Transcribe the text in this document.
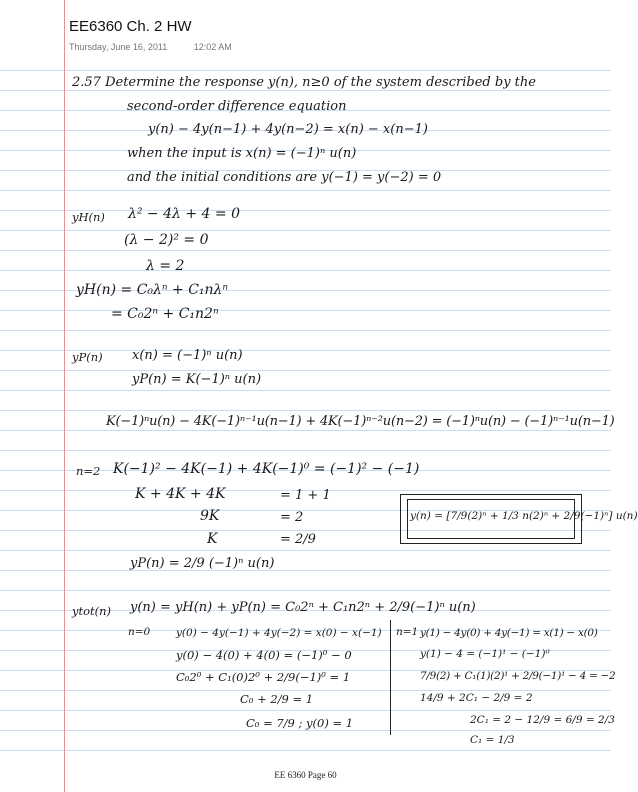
EE6360 Ch. 2 HW
Thursday, June 16, 2011	12:02 AM
2.57 Determine the response y(n), n≥0 of the system described by the
second-order difference equation
y(n) − 4y(n−1) + 4y(n−2) = x(n) − x(n−1)
when the input is x(n) = (−1)ⁿ u(n)
and the initial conditions are y(−1) = y(−2) = 0
yH(n) λ² − 4λ + 4 = 0
(λ − 2)² = 0
λ = 2
yH(n) = C₀λⁿ + C₁nλⁿ
= C₀2ⁿ + C₁n2ⁿ
yP(n) x(n) = (−1)ⁿ u(n)
yP(n) = K(−1)ⁿ u(n)
K(−1)ⁿu(n) − 4K(−1)ⁿ⁻¹u(n−1) + 4K(−1)ⁿ⁻²u(n−2) = (−1)ⁿu(n) − (−1)ⁿ⁻¹u(n−1)
n=2 K(−1)² − 4K(−1) + 4K(−1)⁰ = (−1)² − (−1)
K + 4K + 4K	= 1 + 1
9K	= 2
K	= 2/9
yP(n) = 2/9 (−1)ⁿ u(n)
y(n) = [7/9(2)ⁿ + 1/3 n(2)ⁿ + 2/9(−1)ⁿ] u(n)
ytot(n) y(n) = yH(n) + yP(n) = C₀2ⁿ + C₁n2ⁿ + 2/9(−1)ⁿ u(n)
n=0 y(0) − 4y(−1) + 4y(−2) = x(0) − x(−1)
y(0) − 4(0) + 4(0) = (−1)⁰ − 0
C₀2⁰ + C₁(0)2⁰ + 2/9(−1)⁰ = 1
C₀ + 2/9 = 1
C₀ = 7/9 ; y(0) = 1
n=1 y(1) − 4y(0) + 4y(−1) = x(1) − x(0)
y(1) − 4 = (−1)¹ − (−1)⁰
7/9(2) + C₁(1)(2)¹ + 2/9(−1)¹ − 4 = −2
14/9 + 2C₁ − 2/9 = 2
2C₁ = 2 − 12/9 = 6/9 = 2/3
C₁ = 1/3
EE 6360 Page 60
